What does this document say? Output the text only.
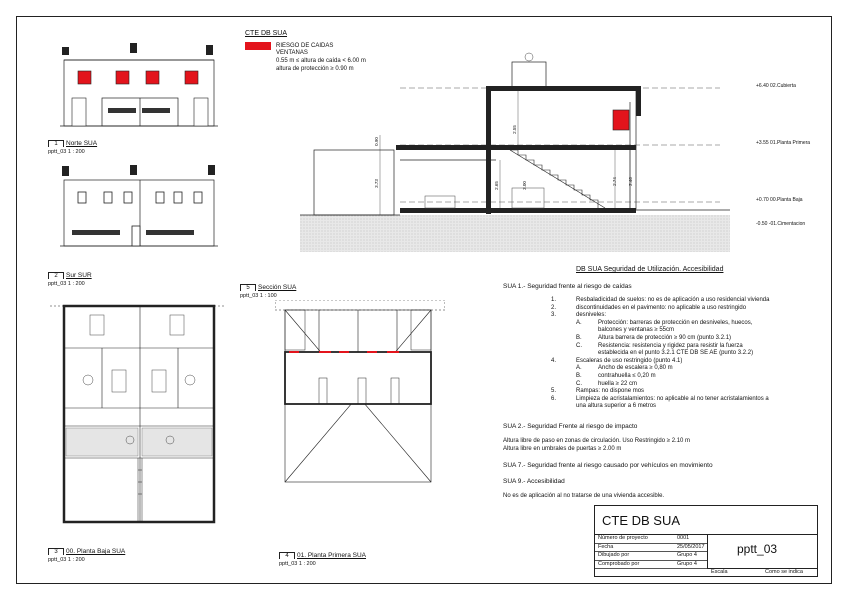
1 Norte SUA
pptt_03 1 : 200
2 Sur SUR
pptt_03 1 : 200
3 00. Planta Baja SUA
pptt_03 1 : 200
4 01. Planta Primera SUA
pptt_03 1 : 200
CTE DB SUA
RIESGO DE CAIDAS
VENTANAS
0.55 m ≤ altura de caída < 6.00 m
altura de protección ≥ 0.90 m
0.90
3.73	2.65
2.55
3.00	2.74 2.46
+6.40 02.Cubierta
+3.55 01.Planta Primera
+0.70 00.Planta Baja
-0.50 -01.Cimentacion
5 Sección SUA
pptt_03 1 : 100
DB SUA Seguridad de Utilización. Accesibilidad
SUA 1.- Seguridad frente al riesgo de caídas
1.	Resbaladicidad de suelos: no es de aplicación a uso residencial vivienda
2.	discontinuidades en el pavimento: no aplicable a uso restringido
3.	desniveles:
A.	Protección: barreras de protección en desniveles, huecos,
balcones y ventanas ≥ 55cm
B.	Altura barrera de protección ≥ 90 cm (punto 3.2.1)
C.	Resistencia: resistencia y rigidez para resistir la fuerza
establecida en el punto 3.2.1 CTE DB SE AE (punto 3.2.2)
4.	Escaleras de uso restringido (punto 4.1)
A.	Ancho de escalera ≥ 0,80 m
B.	contrahuella ≤ 0,20 m
C.	huella ≥ 22 cm
5.	Rampas: no dispone mos
6.	Limpieza de acristalamientos: no aplicable al no tener acristalamientos a
una altura superior a 6 metros
SUA 2.- Seguridad Frente al riesgo de impacto
Altura libre de paso en zonas de circulación. Uso Restringido ≥ 2.10 m
Altura libre en umbrales de puertas ≥ 2.00 m
SUA 7.- Seguridad frente al riesgo causado por vehículos en movimiento
SUA 9.- Accesibilidad
No es de aplicación al no tratarse de una vivienda accesible.
CTE DB SUA
pptt_03
Número de proyecto	0001
Fecha	25/05/2017
Dibujado por	Grupo 4
Comprobado por	Grupo 4
Escala	Como se indica
